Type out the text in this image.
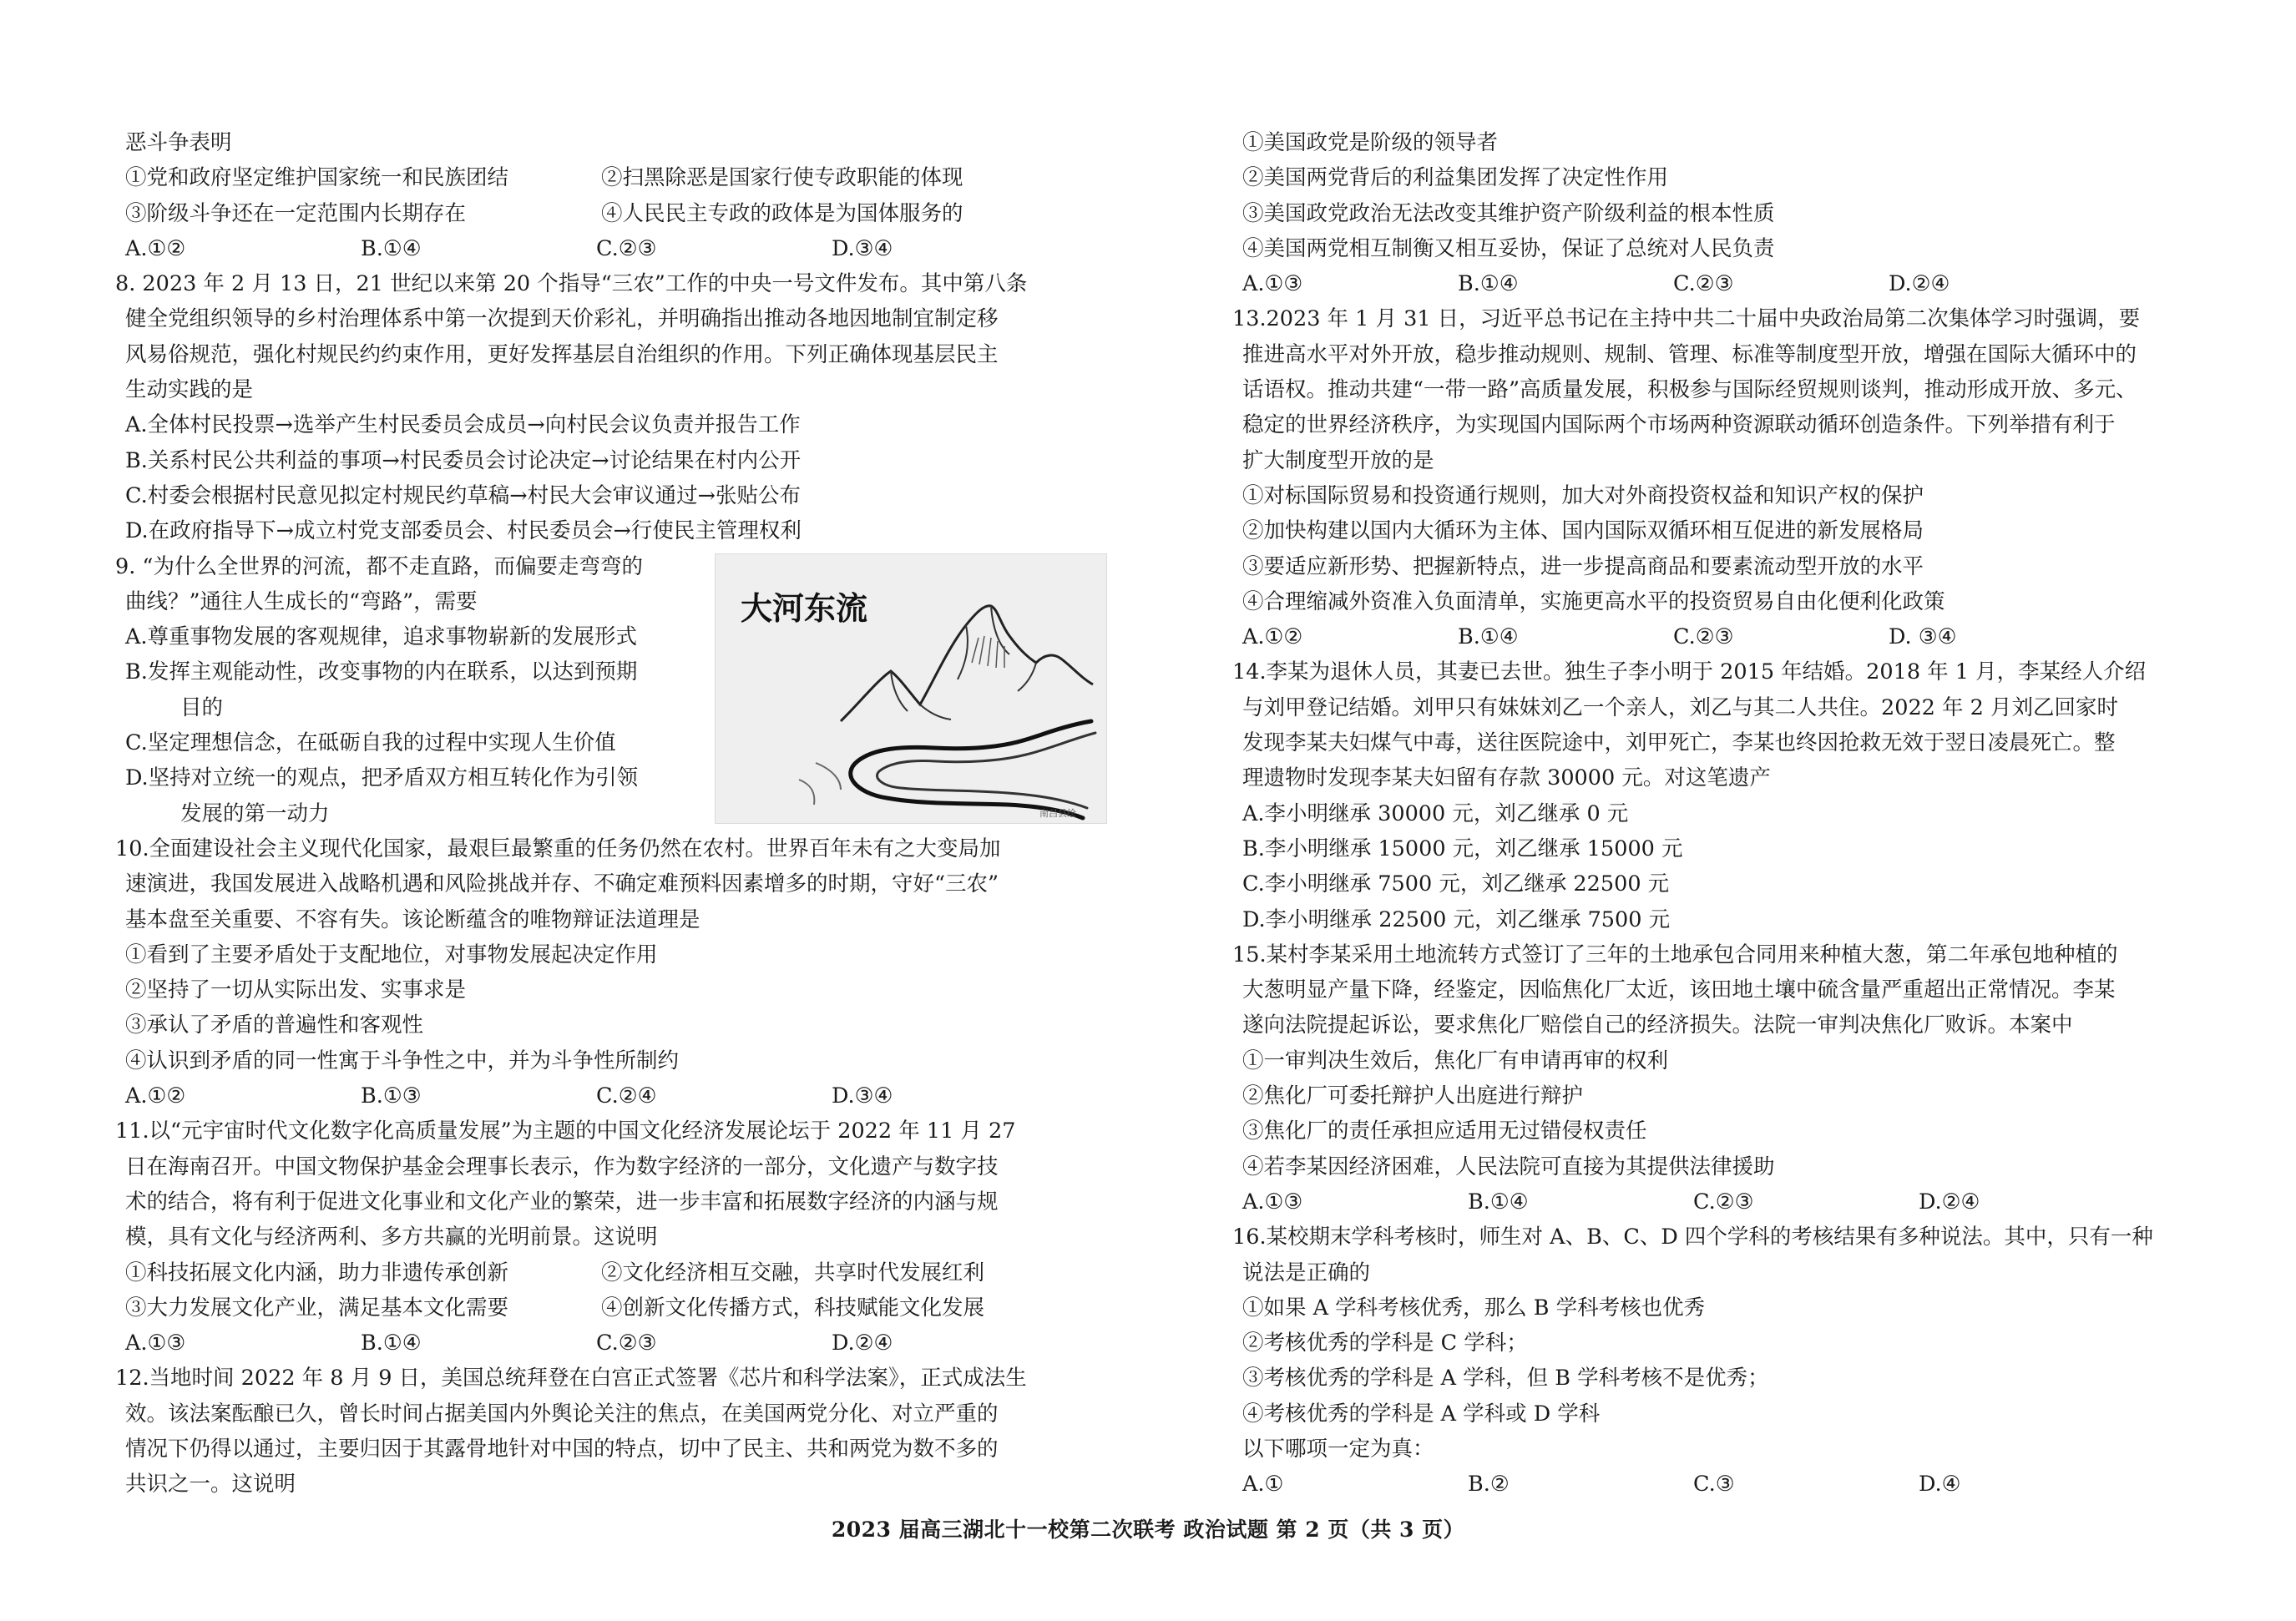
恶斗争表明
①党和政府坚定维护国家统一和民族团结	②扫黑除恶是国家行使专政职能的体现
③阶级斗争还在一定范围内长期存在	④人民民主专政的政体是为国体服务的
A.①②	B.①④	C.②③	D.③④
8. 2023 年 2 月 13 日，21 世纪以来第 20 个指导“三农”工作的中央一号文件发布。其中第八条
健全党组织领导的乡村治理体系中第一次提到天价彩礼，并明确指出推动各地因地制宜制定移
风易俗规范，强化村规民约约束作用，更好发挥基层自治组织的作用。下列正确体现基层民主
生动实践的是
A.全体村民投票→选举产生村民委员会成员→向村民会议负责并报告工作
B.关系村民公共利益的事项→村民委员会讨论决定→讨论结果在村内公开
C.村委会根据村民意见拟定村规民约草稿→村民大会审议通过→张贴公布
D.在政府指导下→成立村党支部委员会、村民委员会→行使民主管理权利
9. “为什么全世界的河流，都不走直路，而偏要走弯弯的
曲线？”通往人生成长的“弯路”，需要
A.尊重事物发展的客观规律，追求事物崭新的发展形式
B.发挥主观能动性，改变事物的内在联系，以达到预期
目的
C.坚定理想信念，在砥砺自我的过程中实现人生价值
D.坚持对立统一的观点，把矛盾双方相互转化作为引领
发展的第一动力
10.全面建设社会主义现代化国家，最艰巨最繁重的任务仍然在农村。世界百年未有之大变局加
速演进，我国发展进入战略机遇和风险挑战并存、不确定难预料因素增多的时期，守好“三农”
基本盘至关重要、不容有失。该论断蕴含的唯物辩证法道理是
①看到了主要矛盾处于支配地位，对事物发展起决定作用
②坚持了一切从实际出发、实事求是
③承认了矛盾的普遍性和客观性
④认识到矛盾的同一性寓于斗争性之中，并为斗争性所制约
A.①②	B.①③	C.②④	D.③④
11.以“元宇宙时代文化数字化高质量发展”为主题的中国文化经济发展论坛于 2022 年 11 月 27
日在海南召开。中国文物保护基金会理事长表示，作为数字经济的一部分，文化遗产与数字技
术的结合，将有利于促进文化事业和文化产业的繁荣，进一步丰富和拓展数字经济的内涵与规
模，具有文化与经济两利、多方共赢的光明前景。这说明
①科技拓展文化内涵，助力非遗传承创新	②文化经济相互交融，共享时代发展红利
③大力发展文化产业，满足基本文化需要	④创新文化传播方式，科技赋能文化发展
A.①③	B.①④	C.②③	D.②④
12.当地时间 2022 年 8 月 9 日，美国总统拜登在白宫正式签署《芯片和科学法案》，正式成法生
效。该法案酝酿已久，曾长时间占据美国内外舆论关注的焦点，在美国两党分化、对立严重的
情况下仍得以通过，主要归因于其露骨地针对中国的特点，切中了民主、共和两党为数不多的
共识之一。这说明
①美国政党是阶级的领导者
②美国两党背后的利益集团发挥了决定性作用
③美国政党政治无法改变其维护资产阶级利益的根本性质
④美国两党相互制衡又相互妥协，保证了总统对人民负责
A.①③	B.①④	C.②③	D.②④
13.2023 年 1 月 31 日，习近平总书记在主持中共二十届中央政治局第二次集体学习时强调，要
推进高水平对外开放，稳步推动规则、规制、管理、标准等制度型开放，增强在国际大循环中的
话语权。推动共建“一带一路”高质量发展，积极参与国际经贸规则谈判，推动形成开放、多元、
稳定的世界经济秩序，为实现国内国际两个市场两种资源联动循环创造条件。下列举措有利于
扩大制度型开放的是
①对标国际贸易和投资通行规则，加大对外商投资权益和知识产权的保护
②加快构建以国内大循环为主体、国内国际双循环相互促进的新发展格局
③要适应新形势、把握新特点，进一步提高商品和要素流动型开放的水平
④合理缩减外资准入负面清单，实施更高水平的投资贸易自由化便利化政策
A.①②	B.①④	C.②③	D. ③④
14.李某为退休人员，其妻已去世。独生子李小明于 2015 年结婚。2018 年 1 月，李某经人介绍
与刘甲登记结婚。刘甲只有妹妹刘乙一个亲人，刘乙与其二人共住。2022 年 2 月刘乙回家时
发现李某夫妇煤气中毒，送往医院途中，刘甲死亡，李某也终因抢救无效于翌日凌晨死亡。整
理遗物时发现李某夫妇留有存款 30000 元。对这笔遗产
A.李小明继承 30000 元，刘乙继承 0 元
B.李小明继承 15000 元，刘乙继承 15000 元
C.李小明继承 7500 元，刘乙继承 22500 元
D.李小明继承 22500 元，刘乙继承 7500 元
15.某村李某采用土地流转方式签订了三年的土地承包合同用来种植大葱，第二年承包地种植的
大葱明显产量下降，经鉴定，因临焦化厂太近，该田地土壤中硫含量严重超出正常情况。李某
遂向法院提起诉讼，要求焦化厂赔偿自己的经济损失。法院一审判决焦化厂败诉。本案中
①一审判决生效后，焦化厂有申请再审的权利
②焦化厂可委托辩护人出庭进行辩护
③焦化厂的责任承担应适用无过错侵权责任
④若李某因经济困难，人民法院可直接为其提供法律援助
A.①③	B.①④	C.②③	D.②④
16.某校期末学科考核时，师生对 A、B、C、D 四个学科的考核结果有多种说法。其中，只有一种
说法是正确的
①如果 A 学科考核优秀，那么 B 学科考核也优秀
②考核优秀的学科是 C 学科；
③考核优秀的学科是 A 学科，但 B 学科考核不是优秀；
④考核优秀的学科是 A 学科或 D 学科
以下哪项一定为真：
A.①	B.②	C.③	D.④
大河东流
南昌县绘
2023 届高三湖北十一校第二次联考 政治试题 第 2 页（共 3 页）
